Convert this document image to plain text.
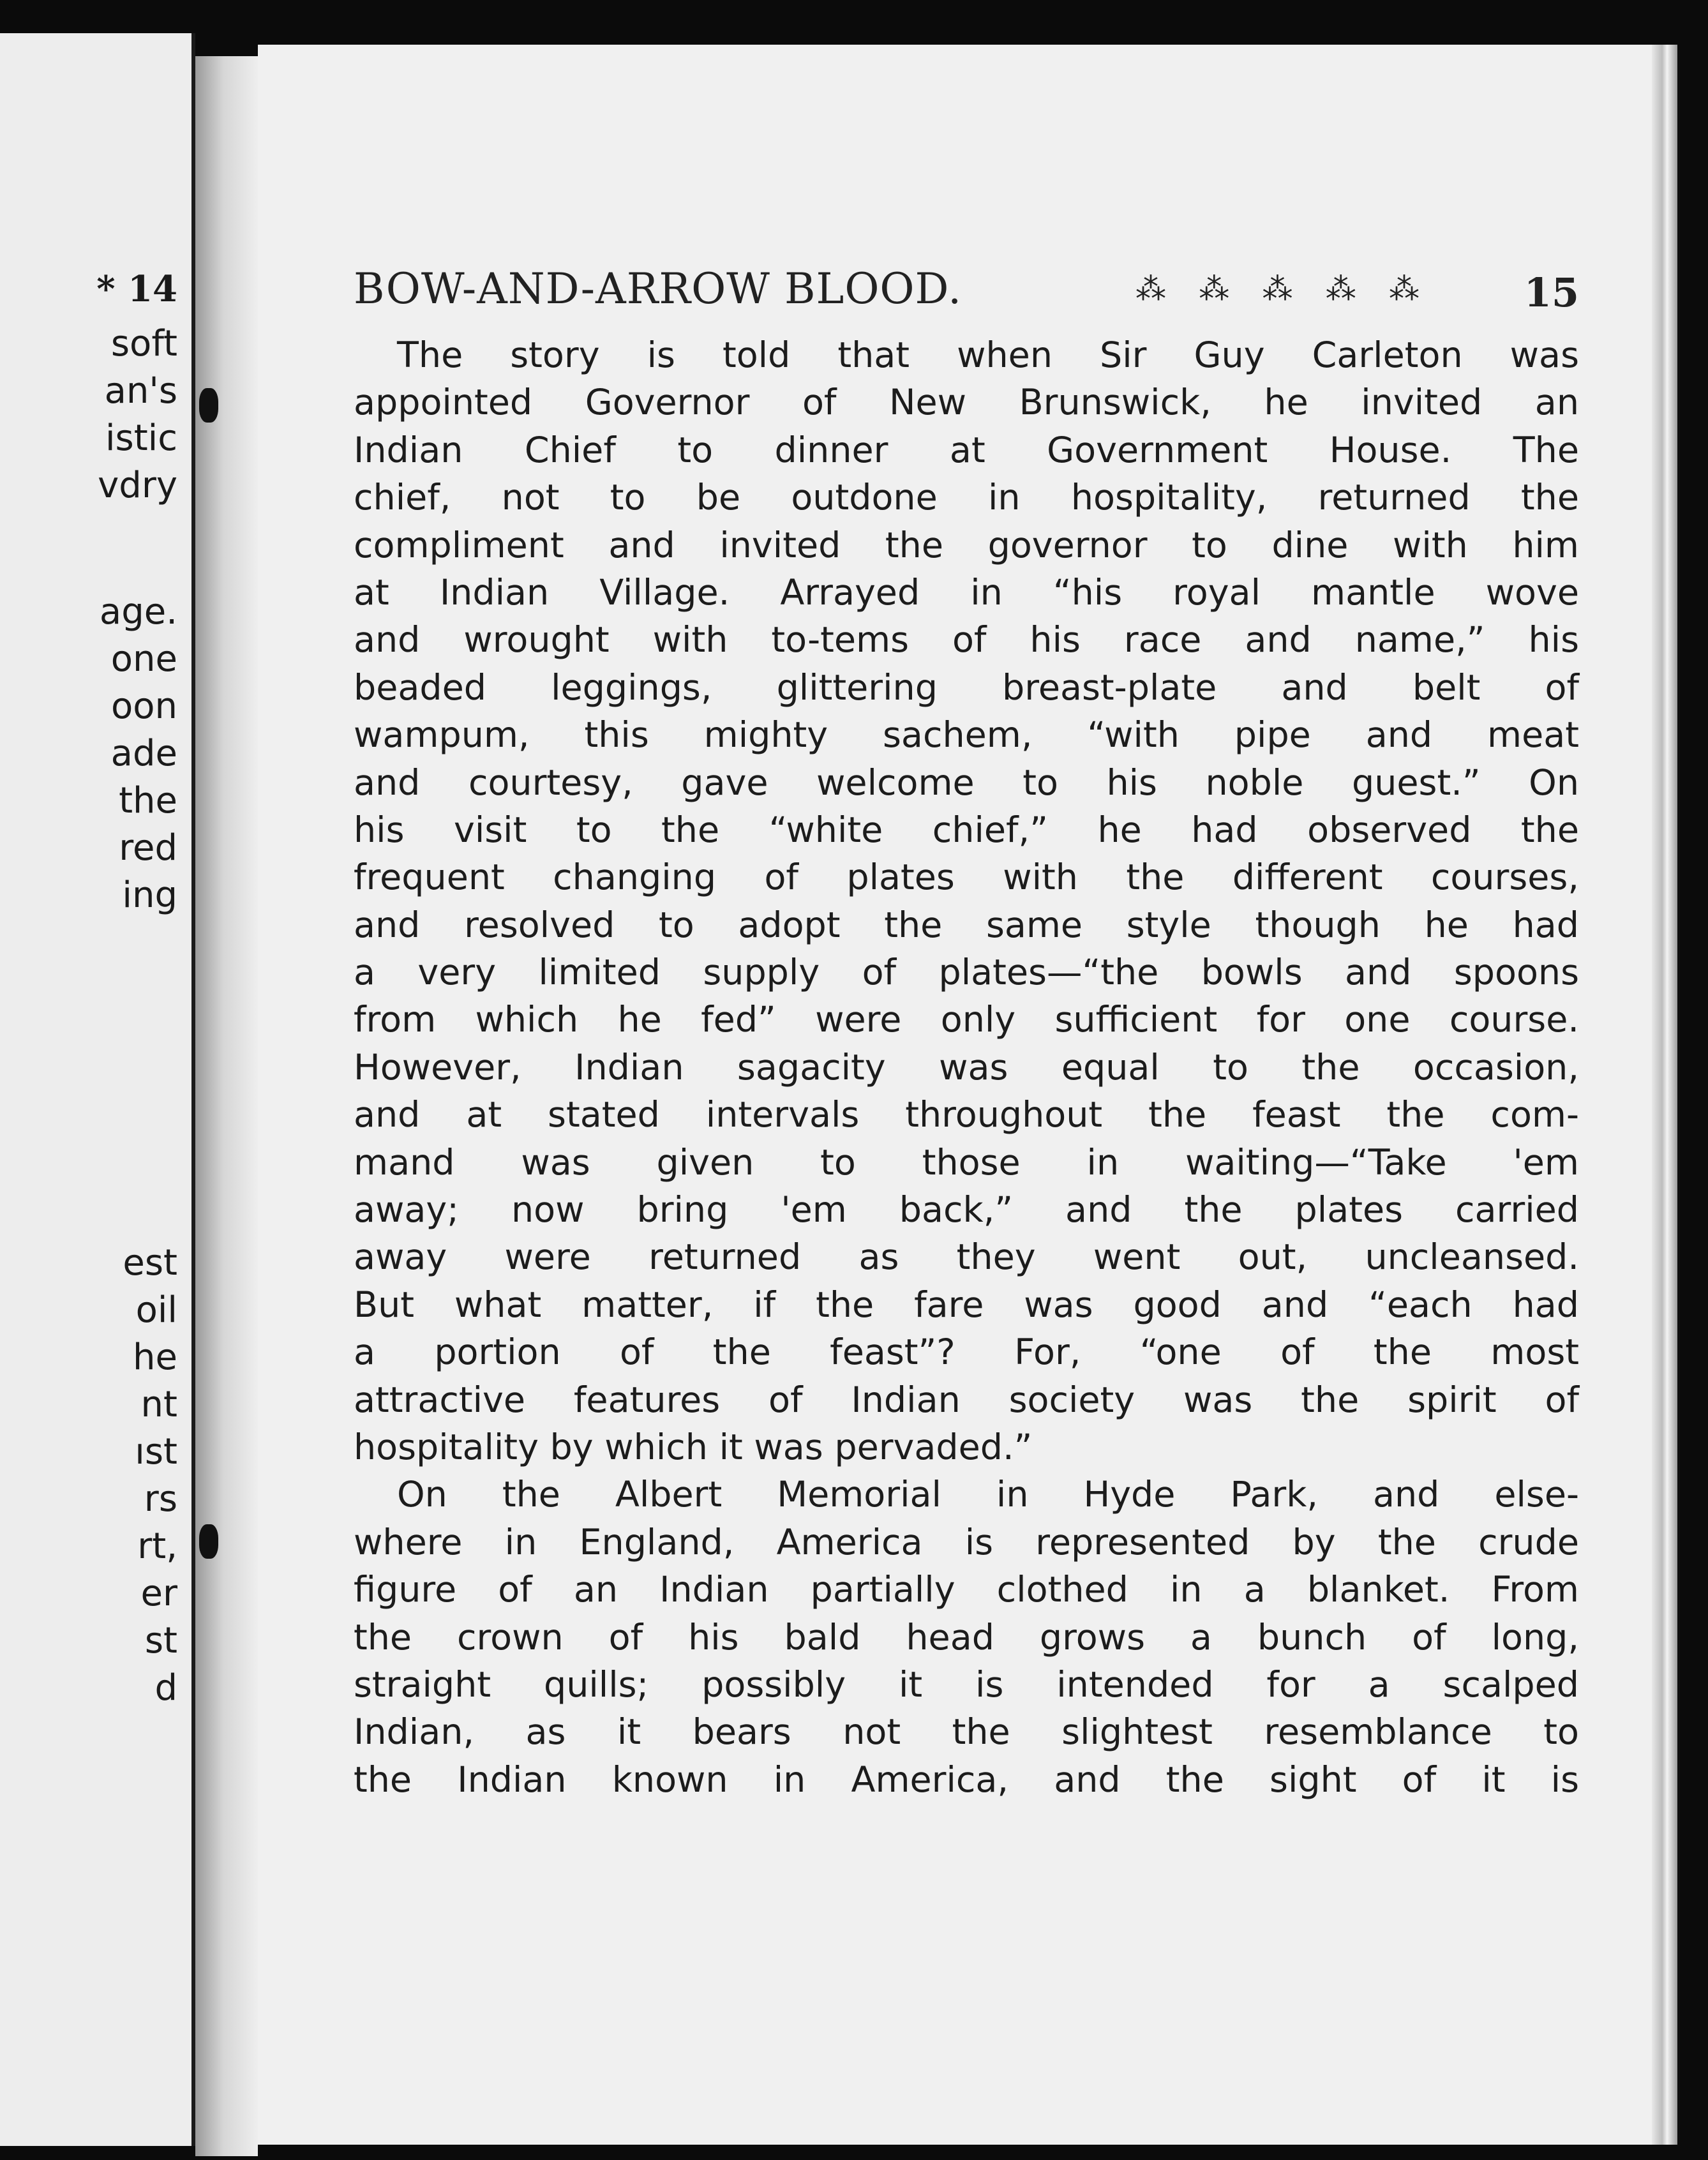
* 14
soft
an's
istic
vdry
age.
one
oon
ade
the
red
ing
est
oil
he
nt
ıst
rs
rt,
er
st
d
BOW-AND-ARROW BLOOD.	⁂ ⁂ ⁂ ⁂ ⁂ 15
The story is told that when Sir Guy Carleton was
appointed Governor of New Brunswick, he invited an
Indian Chief to dinner at Government House. The
chief, not to be outdone in hospitality, returned the
compliment and invited the governor to dine with him
at Indian Village. Arrayed in “his royal mantle wove
and wrought with to-tems of his race and name,” his
beaded leggings, glittering breast-plate and belt of
wampum, this mighty sachem, “with pipe and meat
and courtesy, gave welcome to his noble guest.” On
his visit to the “white chief,” he had observed the
frequent changing of plates with the different courses,
and resolved to adopt the same style though he had
a very limited supply of plates—“the bowls and spoons
from which he fed” were only sufficient for one course.
However, Indian sagacity was equal to the occasion,
and at stated intervals throughout the feast the com-
mand was given to those in waiting—“Take 'em
away; now bring 'em back,” and the plates carried
away were returned as they went out, uncleansed.
But what matter, if the fare was good and “each had
a portion of the feast”? For, “one of the most
attractive features of Indian society was the spirit of
hospitality by which it was pervaded.”
On the Albert Memorial in Hyde Park, and else-
where in England, America is represented by the crude
figure of an Indian partially clothed in a blanket. From
the crown of his bald head grows a bunch of long,
straight quills; possibly it is intended for a scalped
Indian, as it bears not the slightest resemblance to
the Indian known in America, and the sight of it is
